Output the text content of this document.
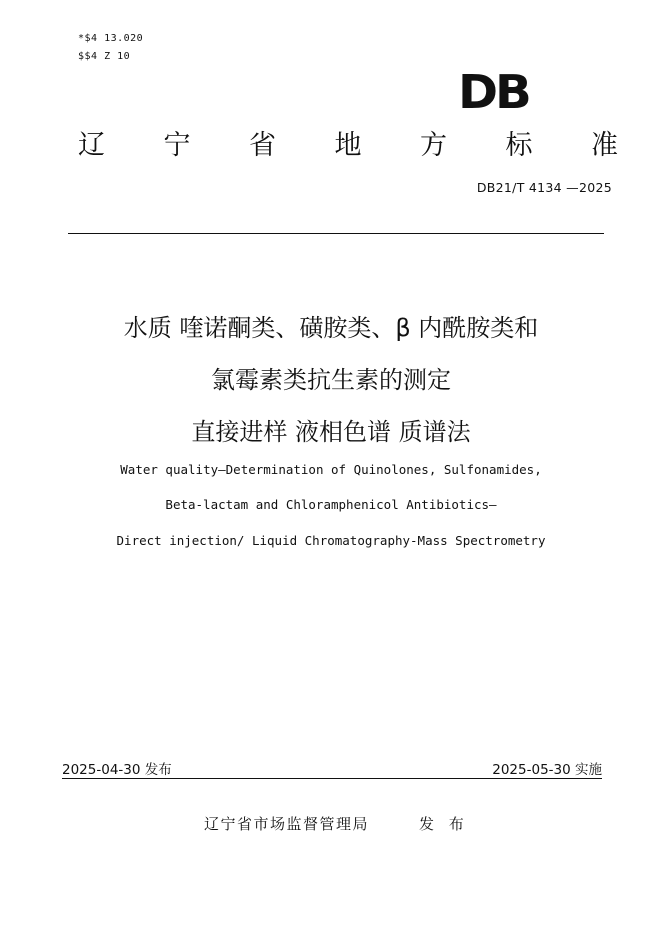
*$4 13.020
$$4 Z 10
DB
辽 宁 省 地 方 标 准
DB21/T 4134 —2025
水质 喹诺酮类、磺胺类、β 内酰胺类和
氯霉素类抗生素的测定
直接进样 液相色谱 质谱法
Water quality—Determination of Quinolones, Sulfonamides,
Beta-lactam and Chloramphenicol Antibiotics—
Direct injection/ Liquid Chromatography-Mass Spectrometry
2025-04-30 发布	2025-05-30 实施
辽宁省市场监督管理局	发 布
